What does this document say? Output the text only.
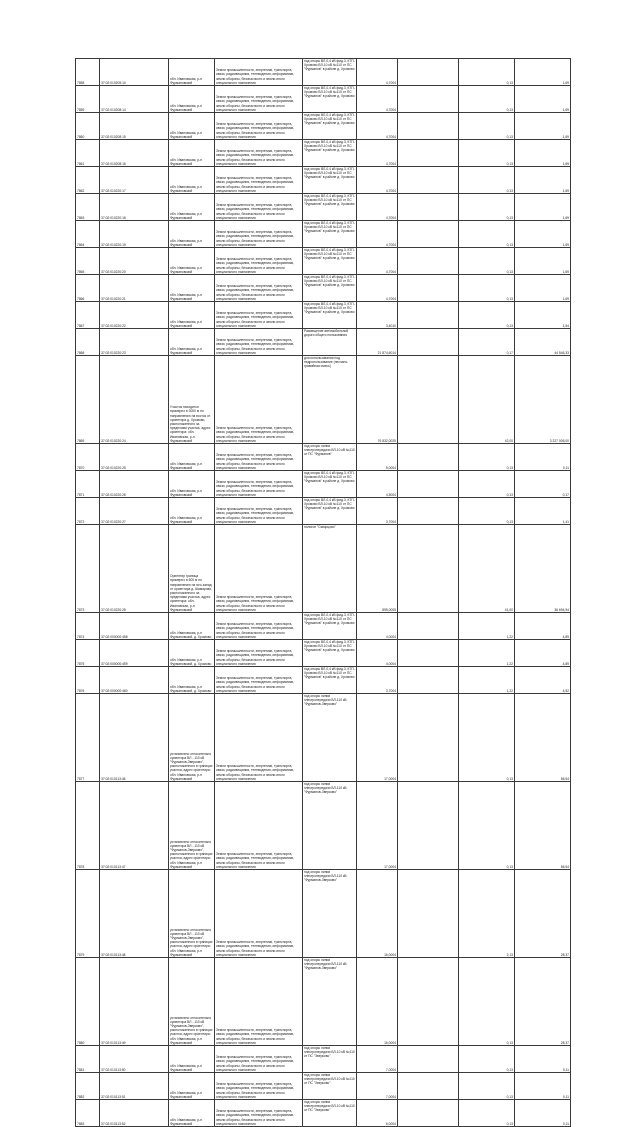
7858	37:02:010205:10	обл. Ивановская, р-н Фурмановский	Земли промышленности, энергетики, транспорта, связи, радиовещания, телевидения, информатики, земли обороны, безопасности и земли иного специального назначения	под опоры ВЛ-0,4 кВ фид.3, КТП-Хромово ВЛ-10 кВ №110 от ПС "Фурманов" в районе д. Хромово	4,7004		0,13	1,69
7859	37:02:010208:14	обл. Ивановская, р-н Фурмановский	Земли промышленности, энергетики, транспорта, связи, радиовещания, телевидения, информатики, земли обороны, безопасности и земли иного специального назначения	под опоры ВЛ-0,4 кВ фид.3, КТП-Хромово ВЛ-10 кВ №110 от ПС "Фурманов" в районе д. Хромово	4,7004		0,13	1,69
7860	37:02:010208:15	обл. Ивановская, р-н Фурмановский	Земли промышленности, энергетики, транспорта, связи, радиовещания, телевидения, информатики, земли обороны, безопасности и земли иного специального назначения	под опоры ВЛ-0,4 кВ фид.3, КТП-Хромово ВЛ-10 кВ №110 от ПС "Фурманов" в районе д. Хромово	4,7004		0,13	1,69
7861	37:02:010208:16	обл. Ивановская, р-н Фурмановский	Земли промышленности, энергетики, транспорта, связи, радиовещания, телевидения, информатики, земли обороны, безопасности и земли иного специального назначения	под опоры ВЛ-0,4 кВ фид.3, КТП-Хромово ВЛ-10 кВ №110 от ПС "Фурманов" в районе д. Хромово	4,7004		0,13	1,69
7862	37:02:010220:17	обл. Ивановская, р-н Фурмановский	Земли промышленности, энергетики, транспорта, связи, радиовещания, телевидения, информатики, земли обороны, безопасности и земли иного специального назначения	под опоры ВЛ-0,4 кВ фид.3, КТП-Хромово ВЛ-10 кВ №110 от ПС "Фурманов" в районе д. Хромово	4,7004		0,13	1,69
7863	37:02:010220:18	обл. Ивановская, р-н Фурмановский	Земли промышленности, энергетики, транспорта, связи, радиовещания, телевидения, информатики, земли обороны, безопасности и земли иного специального назначения	под опоры ВЛ-0,4 кВ фид.3, КТП-Хромово ВЛ-10 кВ №110 от ПС "Фурманов" в районе д. Хромово	4,7004		0,13	1,69
7864	37:02:010220:19	обл. Ивановская, р-н Фурмановский	Земли промышленности, энергетики, транспорта, связи, радиовещания, телевидения, информатики, земли обороны, безопасности и земли иного специального назначения	под опоры ВЛ-0,4 кВ фид.3, КТП-Хромово ВЛ-10 кВ №110 от ПС "Фурманов" в районе д. Хромово	4,7004		0,13	1,69
7865	37:02:010220:20	обл. Ивановская, р-н Фурмановский	Земли промышленности, энергетики, транспорта, связи, радиовещания, телевидения, информатики, земли обороны, безопасности и земли иного специального назначения	под опоры ВЛ-0,4 кВ фид.3, КТП-Хромово ВЛ-10 кВ №110 от ПС "Фурманов" в районе д. Хромово	4,7004		0,13	1,69
7866	37:02:010220:21	обл. Ивановская, р-н Фурмановский	Земли промышленности, энергетики, транспорта, связи, радиовещания, телевидения, информатики, земли обороны, безопасности и земли иного специального назначения	под опоры ВЛ-0,4 кВ фид.3, КТП-Хромово ВЛ-10 кВ №110 от ПС "Фурманов" в районе д. Хромово	4,7004		0,13	1,69
7867	37:02:010220:22	обл. Ивановская, р-н Фурмановский	Земли промышленности, энергетики, транспорта, связи, радиовещания, телевидения, информатики, земли обороны, безопасности и земли иного специального назначения	под опоры ВЛ-0,4 кВ фид.3, КТП-Хромово ВЛ-10 кВ №110 от ПС "Фурманов" в районе д. Хромово	3,4010		0,13	1,54
7868	37:02:010220:23	обл. Ивановская, р-н Фурмановский	Земли промышленности, энергетики, транспорта, связи, радиовещания, телевидения, информатики, земли обороны, безопасности и земли иного специального назначения	Размещение автомобильной дороги общего пользования	21 874,6014		0,17	44 546,33
7869	37:02:010220:24	Участок находится примерно в 3000 м по направлению на восток от ориентира д. Хромово, расположенного за пределами участка, адрес ориентира: обл. Ивановская, р-н Фурмановский	Земли промышленности, энергетики, транспорта, связи, радиовещания, телевидения, информатики, земли обороны, безопасности и земли иного специального назначения	для использования под недропользование (песчано-гравийная смесь)	76 832,0025		42,00	3 227 005,00
7870	37:02:010220:25	обл. Ивановская, р-н Фурмановский	Земли промышленности, энергетики, транспорта, связи, радиовещания, телевидения, информатики, земли обороны, безопасности и земли иного специального назначения	под опоры линии электропередачи ВЛ-10 кВ №110 от ПС "Фурманов"	5,0004		0,13	0,11
7871	37:02:010220:26	обл. Ивановская, р-н Фурмановский	Земли промышленности, энергетики, транспорта, связи, радиовещания, телевидения, информатики, земли обороны, безопасности и земли иного специального назначения	под опоры ВЛ-0,4 кВ фид.3, КТП-Хромово ВЛ-10 кВ №110 от ПС "Фурманов" в районе д. Хромово	4,5004		0,13	0,17
7872	37:02:010220:27	обл. Ивановская, р-н Фурмановский	Земли промышленности, энергетики, транспорта, связи, радиовещания, телевидения, информатики, земли обороны, безопасности и земли иного специального назначения	под опоры ВЛ-0,4 кВ фид.3, КТП-Хромово ВЛ-10 кВ №110 от ПС "Фурманов" в районе д. Хромово	3,7004		0,13	1,41
7873	37:02:010220:28	Ориентир граница примерно в 600 м по направлению на юго-запад от ориентира д. Шамарово, расположенного за пределами участка, адрес ориентира: обл. Ивановская, р-н Фурмановский	Земли промышленности, энергетики, транспорта, связи, радиовещания, телевидения, информатики, земли обороны, безопасности и земли иного специального назначения	полигон "Скворцово"	895,0005		41,00	36 694,94
7874	37:02:000000:458	обл. Ивановская, р-н Фурмановский, д. Хромово	Земли промышленности, энергетики, транспорта, связи, радиовещания, телевидения, информатики, земли обороны, безопасности и земли иного специального назначения	под опоры ВЛ-0,4 кВ фид.3, КТП-Хромово ВЛ-10 кВ №110 от ПС "Фурманов" в районе д. Хромово	4,0004		1,22	4,89
7875	37:02:000000:459	обл. Ивановская, р-н Фурмановский, д. Хромово	Земли промышленности, энергетики, транспорта, связи, радиовещания, телевидения, информатики, земли обороны, безопасности и земли иного специального назначения	под опоры ВЛ-0,4 кВ фид.3, КТП-Хромово ВЛ-10 кВ №110 от ПС "Фурманов" в районе д. Хромово	4,0004		1,22	4,89
7876	37:02:000000:460	обл. Ивановская, р-н Фурмановский, д. Хромово	Земли промышленности, энергетики, транспорта, связи, радиовещания, телевидения, информатики, земли обороны, безопасности и земли иного специального назначения	под опоры ВЛ-0,4 кВ фид.3, КТП-Хромово ВЛ-10 кВ №110 от ПС "Фурманов" в районе д. Хромово	3,7004		1,22	4,52
7877	37:02:010113:46	установлено относительно ориентира ВЛ - 110 кВ "Фурманов-Зверково", расположенного в границах участка, адрес ориентира: обл. Ивановская, р-н Фурмановский	Земли промышленности, энергетики, транспорта, связи, радиовещания, телевидения, информатики, земли обороны, безопасности и земли иного специального назначения	под опоры линии электропередачи ВЛ-110 кВ "Фурманов-Зверково"	17,0004		0,13	56,54
7878	37:02:010113:47	установлено относительно ориентира ВЛ - 110 кВ "Фурманов-Зверково", расположенного в границах участка, адрес ориентира: обл. Ивановская, р-н Фурмановский	Земли промышленности, энергетики, транспорта, связи, радиовещания, телевидения, информатики, земли обороны, безопасности и земли иного специального назначения	под опоры линии электропередачи ВЛ-110 кВ "Фурманов-Зверково"	17,0004		0,13	56,54
7879	37:02:010113:48	установлено относительно ориентира ВЛ - 110 кВ "Фурманов-Зверково", расположенного в границах участка, адрес ориентира: обл. Ивановская, р-н Фурмановский	Земли промышленности, энергетики, транспорта, связи, радиовещания, телевидения, информатики, земли обороны, безопасности и земли иного специального назначения	под опоры линии электропередачи ВЛ-110 кВ "Фурманов-Зверково"	16,0004		2,13	28,37
7880	37:02:010113:49	установлено относительно ориентира ВЛ - 110 кВ "Фурманов-Зверково", расположенного в границах участка, адрес ориентира: обл. Ивановская, р-н Фурмановский	Земли промышленности, энергетики, транспорта, связи, радиовещания, телевидения, информатики, земли обороны, безопасности и земли иного специального назначения	под опоры линии электропередачи ВЛ-110 кВ "Фурманов-Зверково"	16,0004		0,13	28,37
7881	37:02:010113:50	обл. Ивановская, р-н Фурмановский	Земли промышленности, энергетики, транспорта, связи, радиовещания, телевидения, информатики, земли обороны, безопасности и земли иного специального назначения	под опоры линии электропередачи ВЛ-10 кВ №110 от ПС "Зверково"	7,0004		0,13	0,11
7882	37:02:010113:51	обл. Ивановская, р-н Фурмановский	Земли промышленности, энергетики, транспорта, связи, радиовещания, телевидения, информатики, земли обороны, безопасности и земли иного специального назначения	под опоры линии электропередачи ВЛ-10 кВ №110 от ПС "Зверково"	7,0004		0,13	0,11
7883	37:02:010113:52	обл. Ивановская, р-н Фурмановский	Земли промышленности, энергетики, транспорта, связи, радиовещания, телевидения, информатики, земли обороны, безопасности и земли иного специального назначения	под опоры линии электропередачи ВЛ-10 кВ №110 от ПС "Зверково"	6,0004		0,13	0,11
